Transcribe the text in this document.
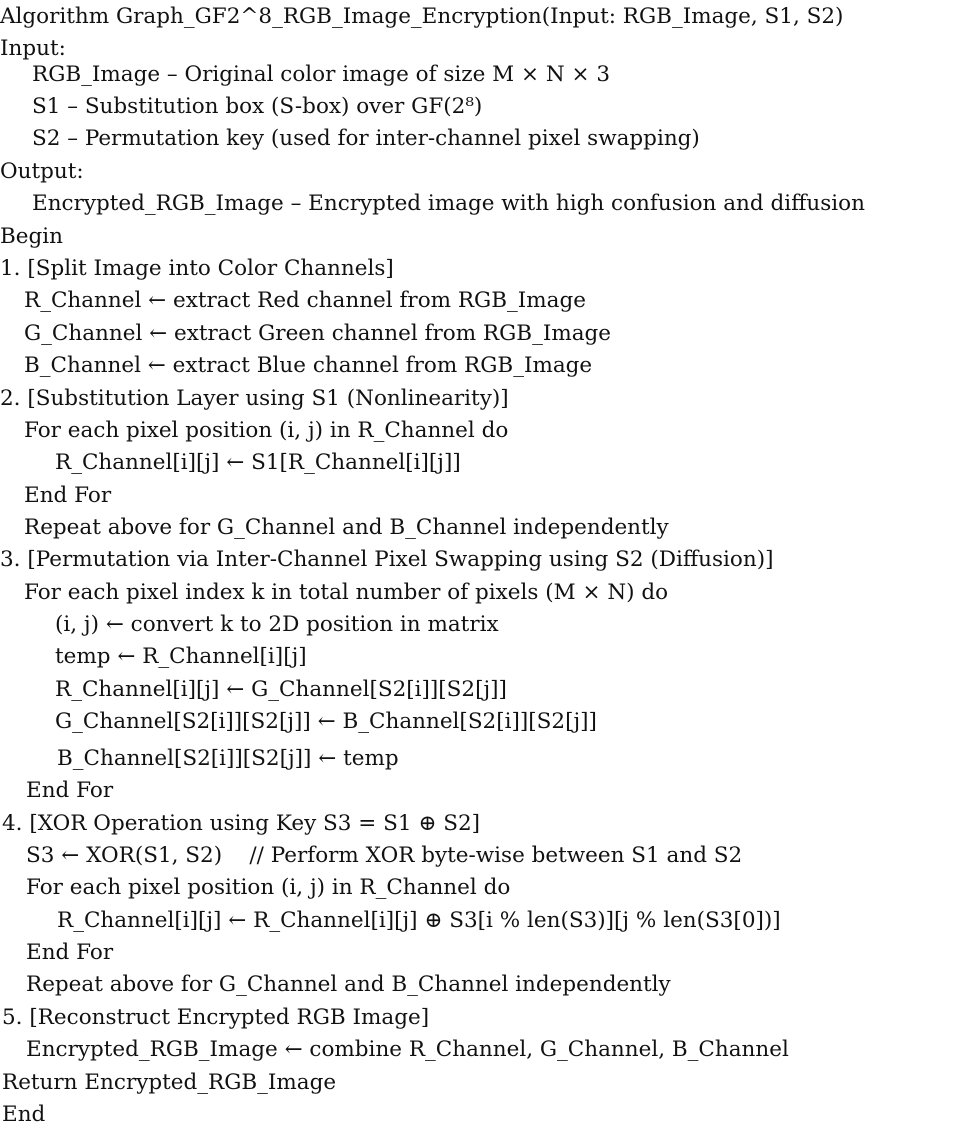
Algorithm Graph_GF2^8_RGB_Image_Encryption(Input: RGB_Image, S1, S2)
Input:
RGB_Image – Original color image of size M × N × 3
S1 – Substitution box (S-box) over GF(2⁸)
S2 – Permutation key (used for inter-channel pixel swapping)
Output:
Encrypted_RGB_Image – Encrypted image with high confusion and diffusion
Begin
1. [Split Image into Color Channels]
R_Channel ← extract Red channel from RGB_Image
G_Channel ← extract Green channel from RGB_Image
B_Channel ← extract Blue channel from RGB_Image
2. [Substitution Layer using S1 (Nonlinearity)]
For each pixel position (i, j) in R_Channel do
R_Channel[i][j] ← S1[R_Channel[i][j]]
End For
Repeat above for G_Channel and B_Channel independently
3. [Permutation via Inter-Channel Pixel Swapping using S2 (Diffusion)]
For each pixel index k in total number of pixels (M × N) do
(i, j) ← convert k to 2D position in matrix
temp ← R_Channel[i][j]
R_Channel[i][j] ← G_Channel[S2[i]][S2[j]]
G_Channel[S2[i]][S2[j]] ← B_Channel[S2[i]][S2[j]]
B_Channel[S2[i]][S2[j]] ← temp
End For
4. [XOR Operation using Key S3 = S1 ⊕ S2]
S3 ← XOR(S1, S2)    // Perform XOR byte-wise between S1 and S2
For each pixel position (i, j) in R_Channel do
R_Channel[i][j] ← R_Channel[i][j] ⊕ S3[i % len(S3)][j % len(S3[0])]
End For
Repeat above for G_Channel and B_Channel independently
5. [Reconstruct Encrypted RGB Image]
Encrypted_RGB_Image ← combine R_Channel, G_Channel, B_Channel
Return Encrypted_RGB_Image
End
